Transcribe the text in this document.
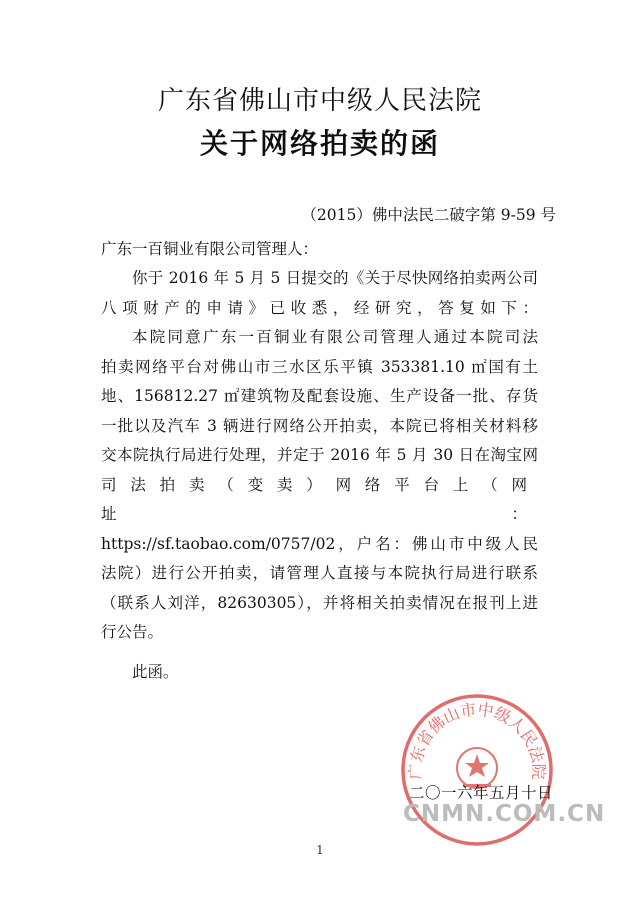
广东省佛山市中级人民法院
关于网络拍卖的函
（2015）佛中法民二破字第 9-59 号
广东一百铜业有限公司管理人：

你于 2016 年 5 月 5 日提交的《关于尽快网络拍卖两公司八项财产的申请》已收悉，经研究，答复如下：

本院同意广东一百铜业有限公司管理人通过本院司法

拍卖网络平台对佛山市三水区乐平镇 353381.10 ㎡国有土

地、156812.27 ㎡建筑物及配套设施、生产设备一批、存货

一批以及汽车 3 辆进行网络公开拍卖，本院已将相关材料移

交本院执行局进行处理，并定于 2016 年 5 月 30 日在淘宝网

司法拍卖（变卖）网络平台上（网址：

https://sf.taobao.com/0757/02，户名：佛山市中级人民

法院）进行公开拍卖，请管理人直接与本院执行局进行联系

（联系人刘洋，82630305），并将相关拍卖情况在报刊上进

行公告。

此函。

广东省佛山市中级人民法院
二〇一六年五月十日
CNMN.COM.CN
1
